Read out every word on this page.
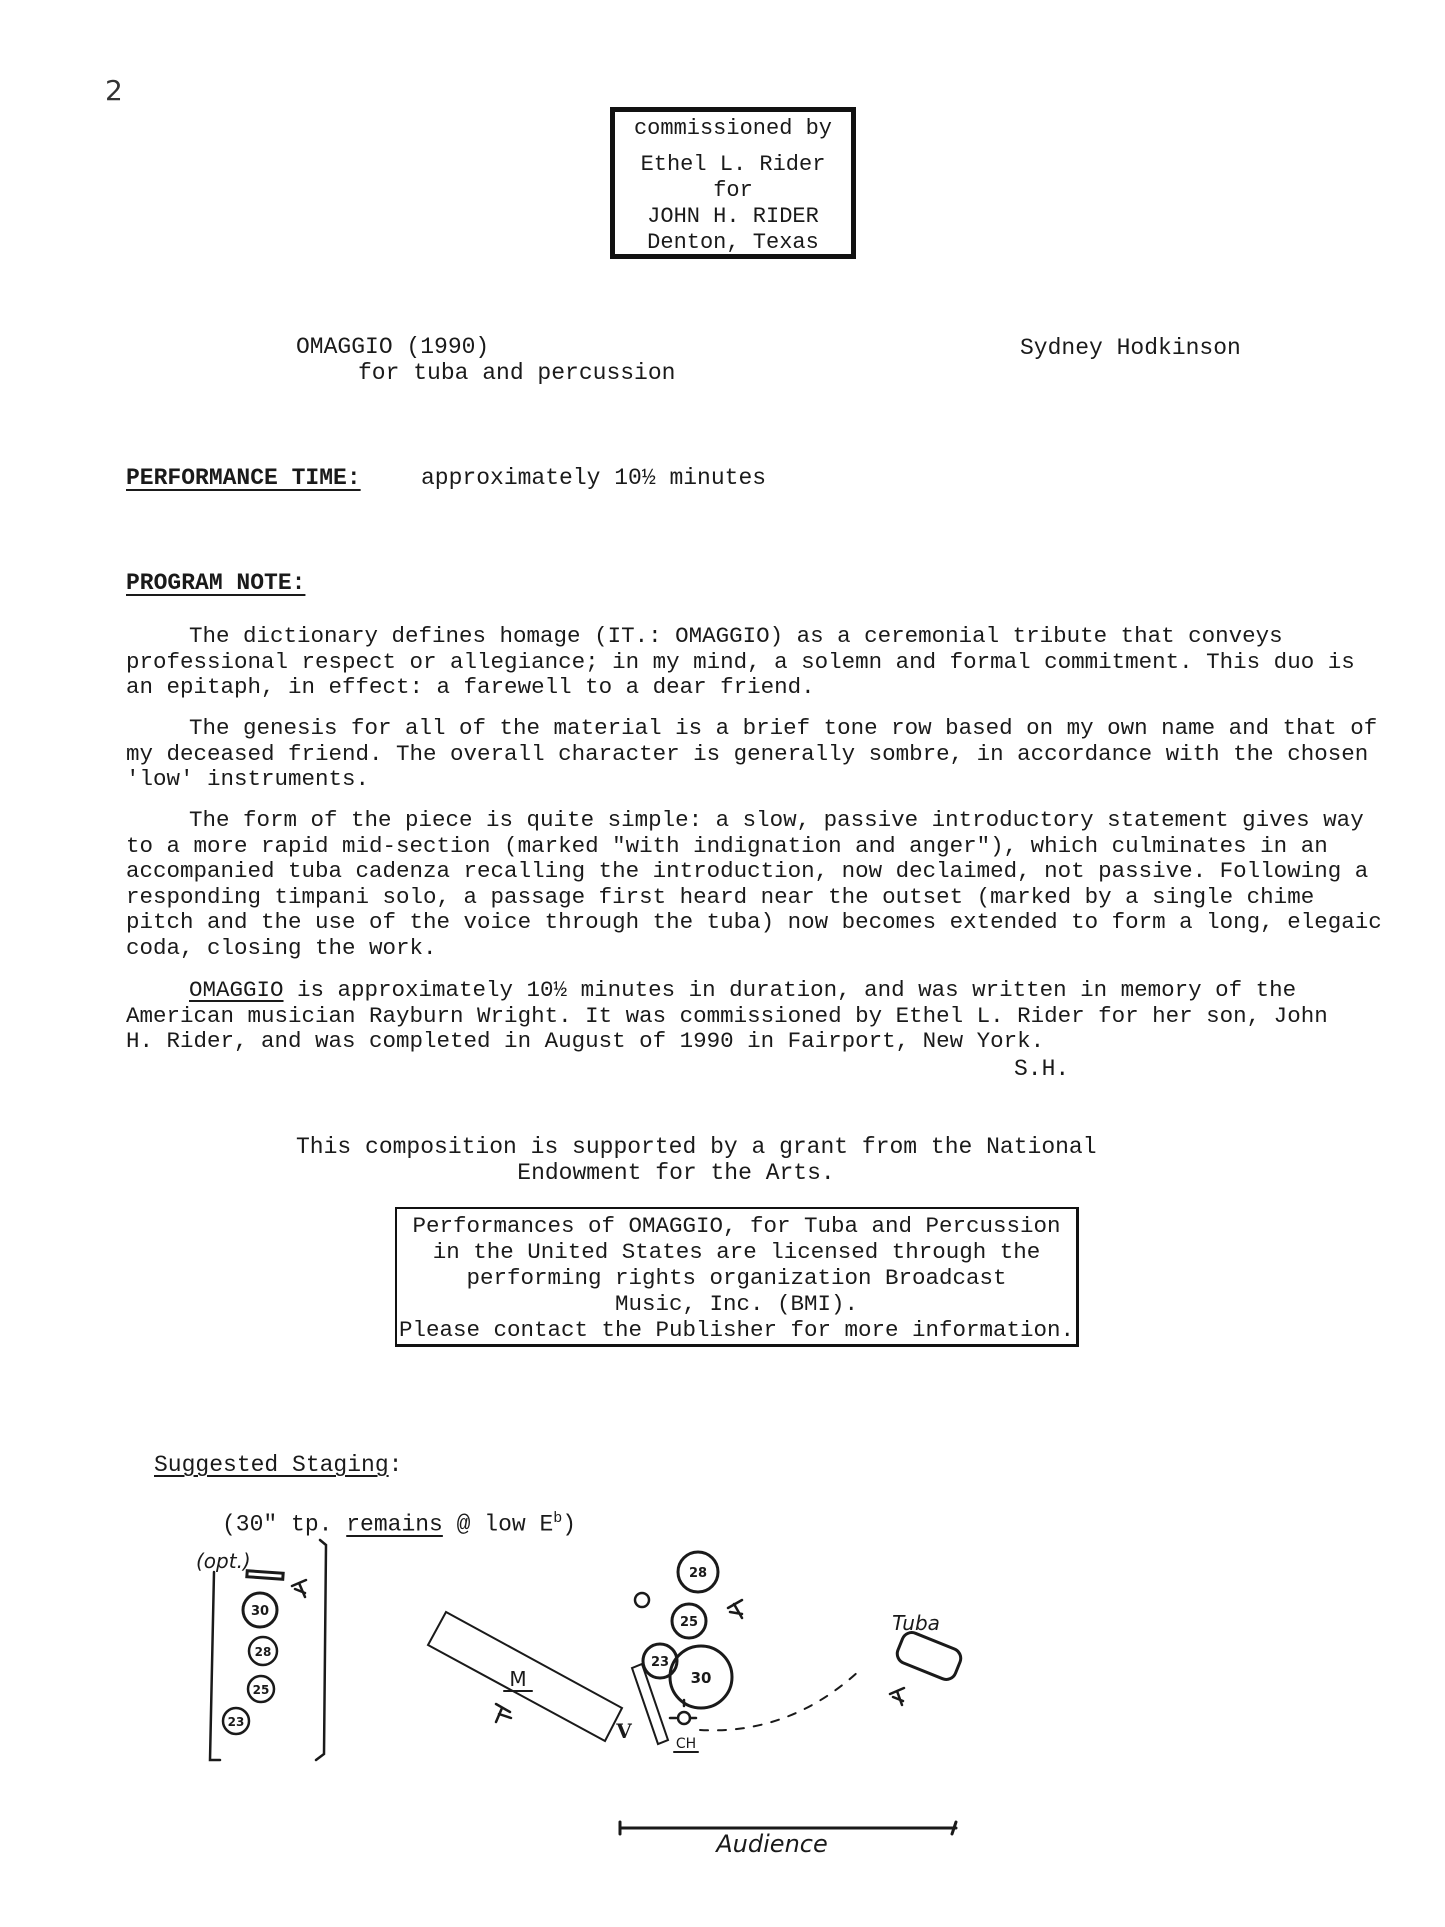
2
commissioned by
Ethel L. Rider
for
JOHN H. RIDER
Denton, Texas
OMAGGIO (1990)
for tuba and percussion
Sydney Hodkinson
PERFORMANCE TIME:	approximately 10½ minutes
PROGRAM NOTE:
The dictionary defines homage (IT.: OMAGGIO) as a ceremonial tribute that conveys
professional respect or allegiance; in my mind, a solemn and formal commitment. This duo is
an epitaph, in effect: a farewell to a dear friend.
The genesis for all of the material is a brief tone row based on my own name and that of
my deceased friend. The overall character is generally sombre, in accordance with the chosen
'low' instruments.
The form of the piece is quite simple: a slow, passive introductory statement gives way
to a more rapid mid-section (marked "with indignation and anger"), which culminates in an
accompanied tuba cadenza recalling the introduction, now declaimed, not passive. Following a
responding timpani solo, a passage first heard near the outset (marked by a single chime
pitch and the use of the voice through the tuba) now becomes extended to form a long, elegaic
coda, closing the work.
OMAGGIO is approximately 10½ minutes in duration, and was written in memory of the
American musician Rayburn Wright. It was commissioned by Ethel L. Rider for her son, John
H. Rider, and was completed in August of 1990 in Fairport, New York.
S.H.
This composition is supported by a grant from the National
Endowment for the Arts.
Performances of OMAGGIO, for Tuba and Percussion
in the United States are licensed through the
performing rights organization Broadcast
Music, Inc. (BMI).
Please contact the Publisher for more information.
Suggested Staging:
(30" tp. remains @ low $E^b$)
(opt.)
30
28
25
23
28
25
23
30
M
V
CH
Tuba
Audience
